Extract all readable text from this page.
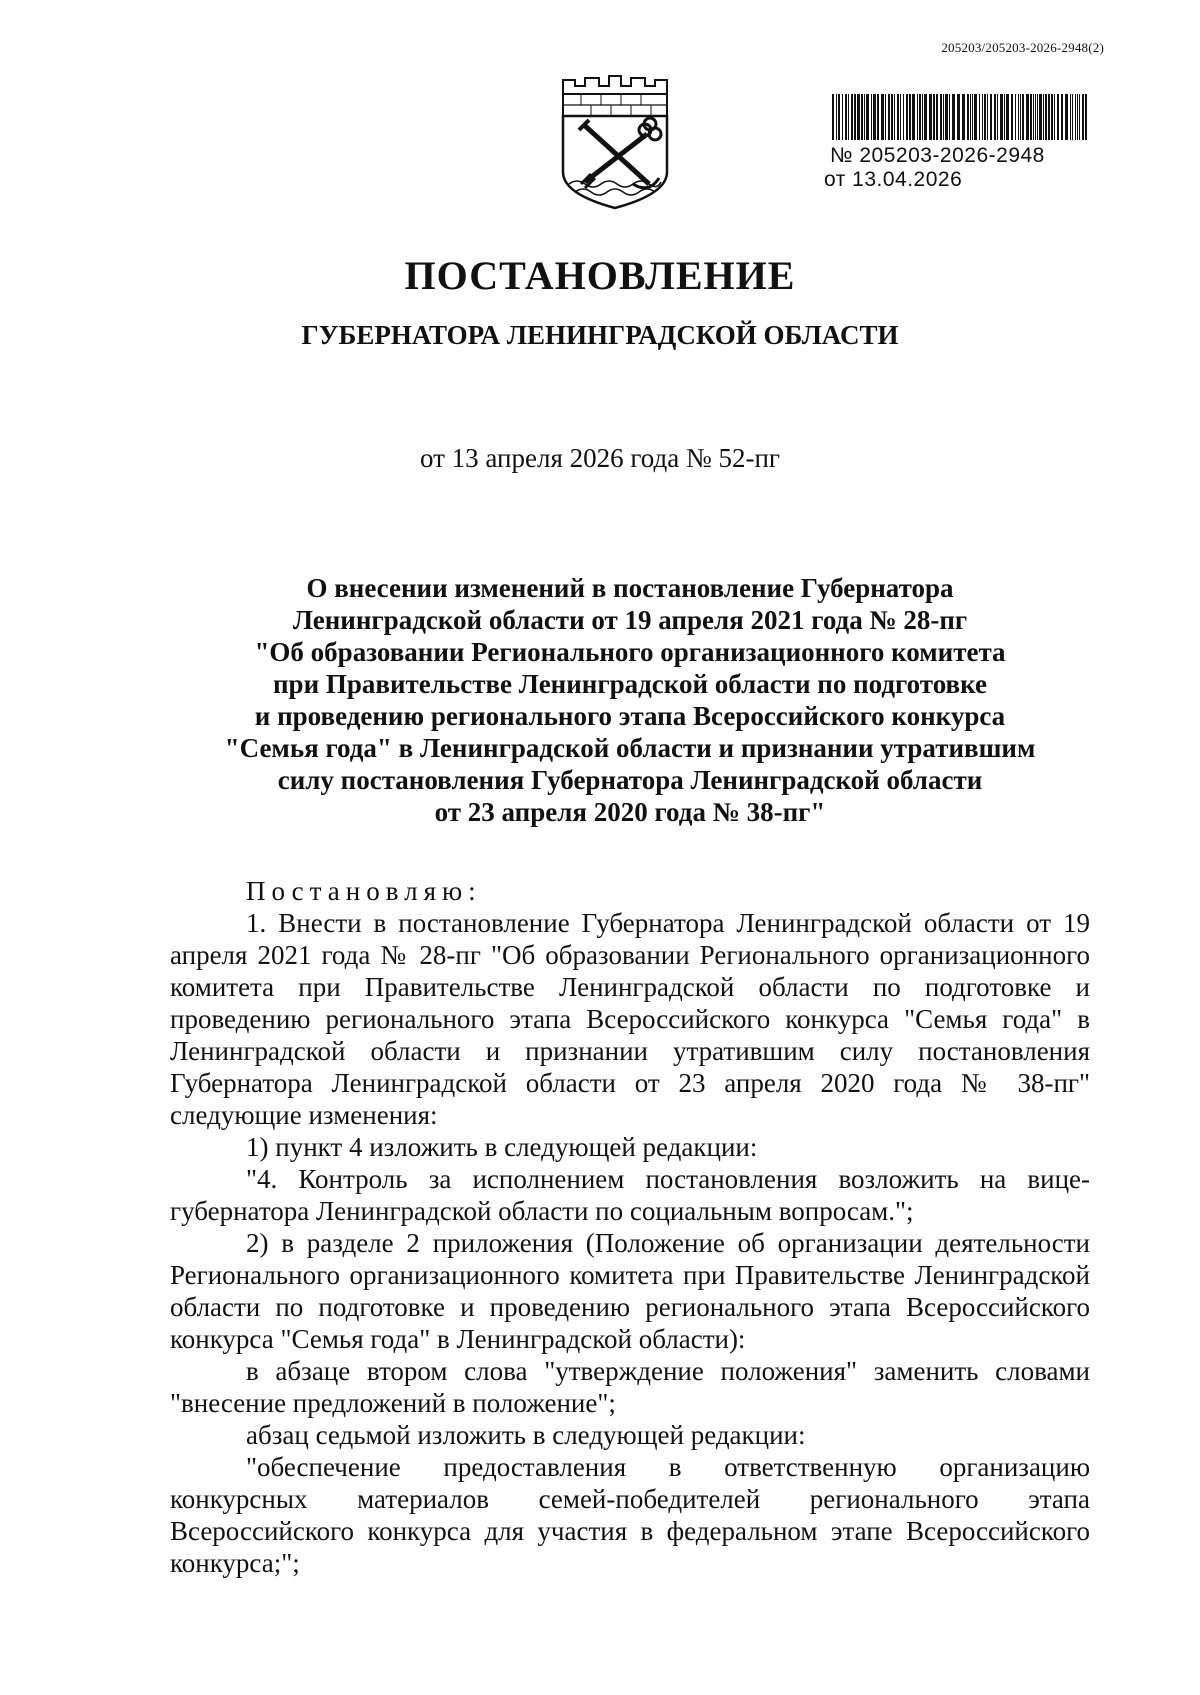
205203/205203-2026-2948(2)
№ 205203-2026-2948
от 13.04.2026
ПОСТАНОВЛЕНИЕ
ГУБЕРНАТОРА ЛЕНИНГРАДСКОЙ ОБЛАСТИ
от 13 апреля 2026 года № 52-пг
О внесении изменений в постановление Губернатора
Ленинградской области от 19 апреля 2021 года № 28-пг
"Об образовании Регионального организационного комитета
при Правительстве Ленинградской области по подготовке
и проведению регионального этапа Всероссийского конкурса
"Семья года" в Ленинградской области и признании утратившим
силу постановления Губернатора Ленинградской области
от 23 апреля 2020 года № 38-пг"

Постановляю:

1. Внести в постановление Губернатора Ленинградской области от 19 апреля 2021 года № 28-пг "Об образовании Регионального организационного комитета при Правительстве Ленинградской области по подготовке и проведению регионального этапа Всероссийского конкурса "Семья года" в Ленинградской области и признании утратившим силу постановления Губернатора Ленинградской области от 23 апреля 2020 года № 38-пг" следующие изменения:

1) пункт 4 изложить в следующей редакции:

"4. Контроль за исполнением постановления возложить на вице-губернатора Ленинградской области по социальным вопросам.";

2) в разделе 2 приложения (Положение об организации деятельности Регионального организационного комитета при Правительстве Ленинградской области по подготовке и проведению регионального этапа Всероссийского конкурса "Семья года" в Ленинградской области):

в абзаце втором слова "утверждение положения" заменить словами "внесение предложений в положение";

абзац седьмой изложить в следующей редакции:

"обеспечение предоставления в ответственную организацию конкурсных материалов семей-победителей регионального этапа Всероссийского конкурса для участия в федеральном этапе Всероссийского конкурса;";
